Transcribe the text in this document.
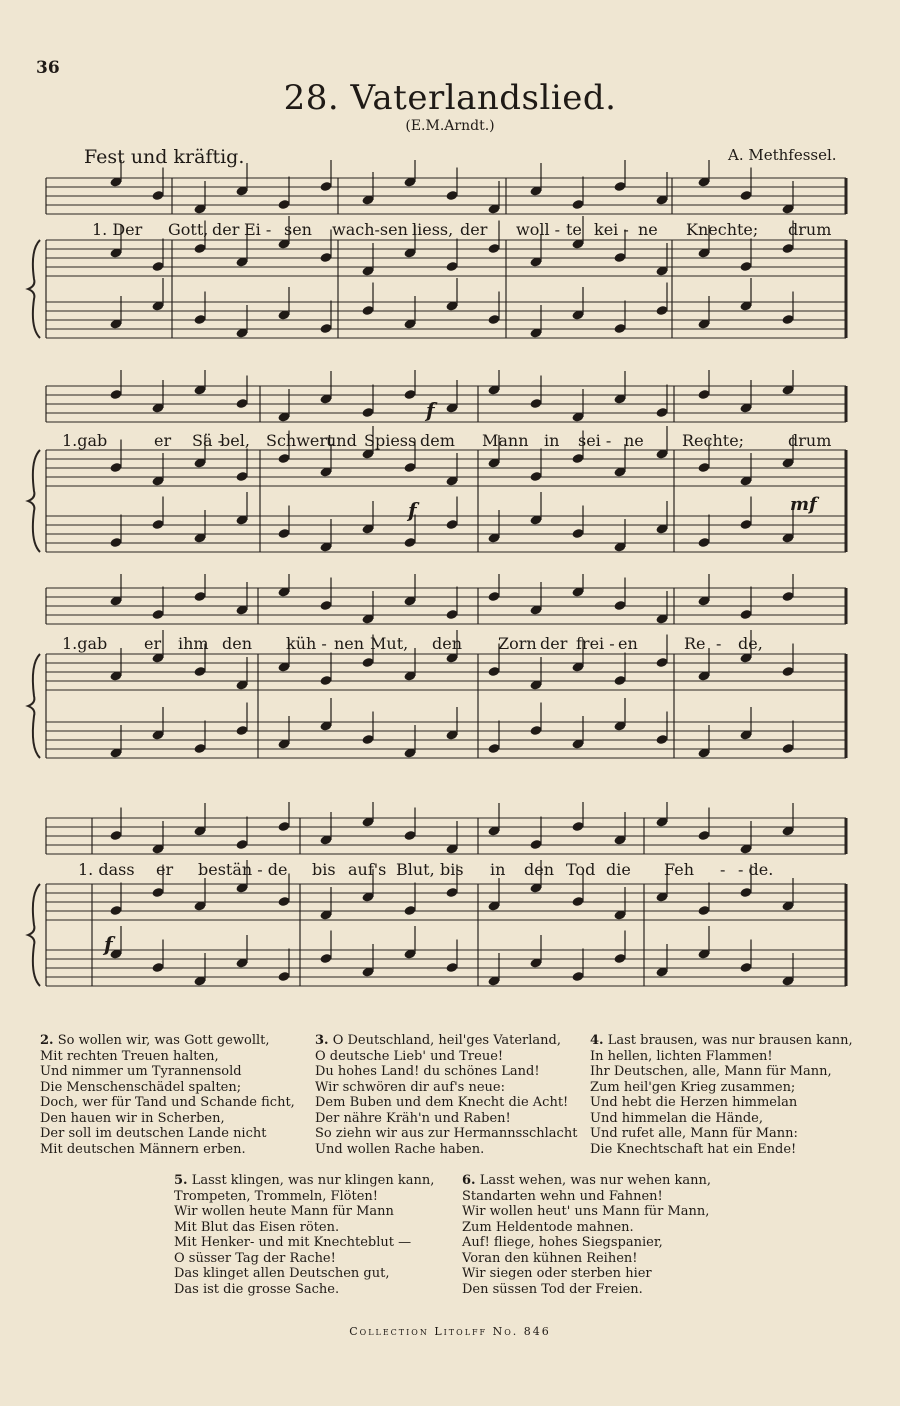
36
28. Vaterlandslied.
(E.M.Arndt.)
Fest und kräftig.	A. Methfessel.
1. Der Gott, der Ei - sen wach-sen liess, der woll - te kei - ne Knechte; drum
1.gab	er Sä -
bel, Schwert
und Spiess dem Mann in sei - ne Rechte;	drum
1.gab er ihm den küh - nen Mut, den Zorn der frei - en	Re - de,
1. dass er bestän - de bis auf's Blut, bis in den Tod die Feh - - de.
f
f	mf
f
2. So wollen wir, was Gott gewollt,
Mit rechten Treuen halten,
Und nimmer um Tyrannensold
Die Menschenschädel spalten;
Doch, wer für Tand und Schande ficht,
Den hauen wir in Scherben,
Der soll im deutschen Lande nicht
Mit deutschen Männern erben.
3. O Deutschland, heil'ges Vaterland,
O deutsche Lieb' und Treue!
Du hohes Land! du schönes Land!
Wir schwören dir auf's neue:
Dem Buben und dem Knecht die Acht!
Der nähre Kräh'n und Raben!
So ziehn wir aus zur Hermannsschlacht
Und wollen Rache haben.
4. Last brausen, was nur brausen kann,
In hellen, lichten Flammen!
Ihr Deutschen, alle, Mann für Mann,
Zum heil'gen Krieg zusammen;
Und hebt die Herzen himmelan
Und himmelan die Hände,
Und rufet alle, Mann für Mann:
Die Knechtschaft hat ein Ende!
5. Lasst klingen, was nur klingen kann,
Trompeten, Trommeln, Flöten!
Wir wollen heute Mann für Mann
Mit Blut das Eisen röten.
Mit Henker- und mit Knechteblut —
O süsser Tag der Rache!
Das klinget allen Deutschen gut,
Das ist die grosse Sache.
6. Lasst wehen, was nur wehen kann,
Standarten wehn und Fahnen!
Wir wollen heut' uns Mann für Mann,
Zum Heldentode mahnen.
Auf! fliege, hohes Siegspanier,
Voran den kühnen Reihen!
Wir siegen oder sterben hier
Den süssen Tod der Freien.
Collection Litolff No. 846
